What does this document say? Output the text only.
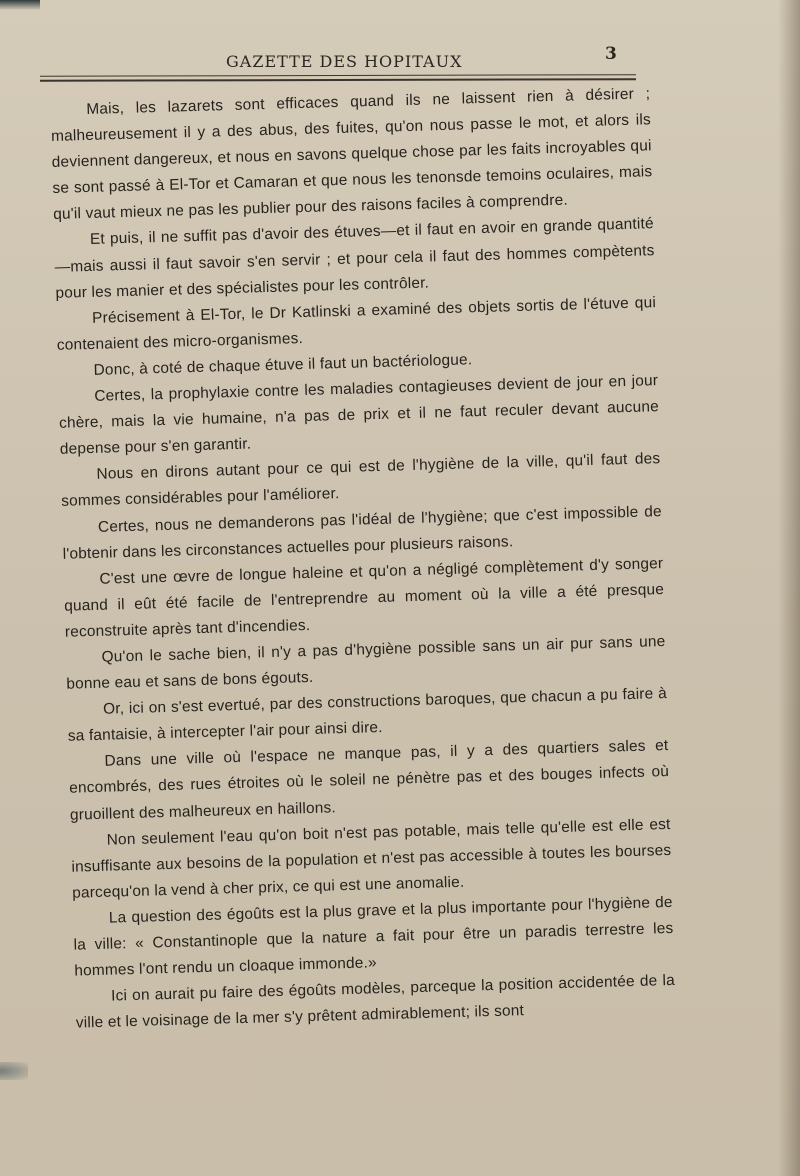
GAZETTE DES HOPITAUX	3

Mais, les lazarets sont efficaces quand ils ne laissent rien à désirer ; malheureusement il y a des abus, des fuites, qu'on nous passe le mot, et alors ils deviennent dangereux, et nous en savons quelque chose par les faits incroyables qui se sont passé à El-Tor et Camaran et que nous les tenonsde temoins oculaires, mais qu'il vaut mieux ne pas les publier pour des raisons faciles à comprendre.

Et puis, il ne suffit pas d'avoir des étuves—et il faut en avoir en grande quantité—mais aussi il faut savoir s'en servir ; et pour cela il faut des hommes compètents pour les manier et des spécialistes pour les contrôler.

Précisement à El-Tor, le Dr Katlinski a examiné des objets sortis de l'étuve qui contenaient des micro-organismes.

Donc, à coté de chaque étuve il faut un bactériologue.

Certes, la prophylaxie contre les maladies contagieuses devient de jour en jour chère, mais la vie humaine, n'a pas de prix et il ne faut reculer devant aucune depense pour s'en garantir.

Nous en dirons autant pour ce qui est de l'hygiène de la ville, qu'il faut des sommes considérables pour l'améliorer.

Certes, nous ne demanderons pas l'idéal de l'hygiène; que c'est impossible de l'obtenir dans les circonstances actuelles pour plusieurs raisons.

C'est une œvre de longue haleine et qu'on a négligé complètement d'y songer quand il eût été facile de l'entreprendre au moment où la ville a été presque reconstruite après tant d'incendies.

Qu'on le sache bien, il n'y a pas d'hygiène possible sans un air pur sans une bonne eau et sans de bons égouts.

Or, ici on s'est evertué, par des constructions baroques, que chacun a pu faire à sa fantaisie, à intercepter l'air pour ainsi dire.

Dans une ville où l'espace ne manque pas, il y a des quartiers sales et encombrés, des rues étroites où le soleil ne pénètre pas et des bouges infects où gruoillent des malheureux en haillons.

Non seulement l'eau qu'on boit n'est pas potable, mais telle qu'elle est elle est insuffisante aux besoins de la population et n'est pas accessible à toutes les bourses parcequ'on la vend à cher prix, ce qui est une anomalie.

La question des égoûts est la plus grave et la plus importante pour l'hygiène de la ville: « Constantinople que la nature a fait pour être un paradis terrestre les hommes l'ont rendu un cloaque immonde.»

Ici on aurait pu faire des égoûts modèles, parceque la position accidentée de la ville et le voisinage de la mer s'y prêtent admirablement; ils sont
